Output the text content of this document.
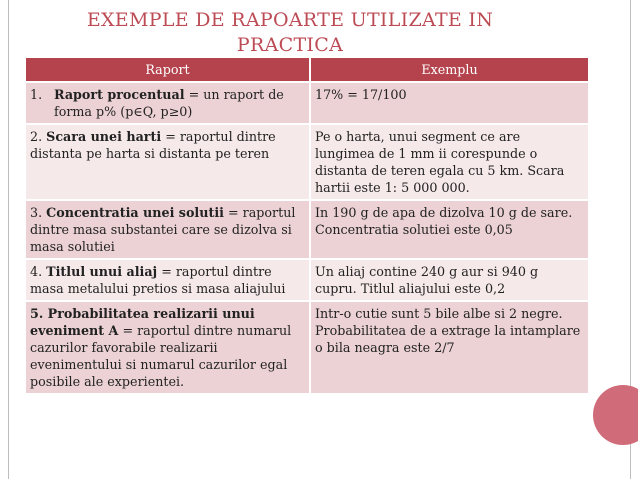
EXEMPLE DE RAPOARTE UTILIZATE IN
PRACTICA
Raport	Exemplu

1. Raport procentual = un raport de forma p% (p∈Q, p≥0)	17% = 17/100
2. Scara unei harti = raportul dintre distanta pe harta si distanta pe teren	Pe o harta, unui segment ce are lungimea de 1 mm ii corespunde o distanta de teren egala cu 5 km. Scara hartii este 1: 5 000 000.
3. Concentratia unei solutii = raportul dintre masa substantei care se dizolva si masa solutiei	In 190 g de apa de dizolva 10 g de sare. Concentratia solutiei este 0,05
4. Titlul unui aliaj = raportul dintre masa metalului pretios si masa aliajului	Un aliaj contine 240 g aur si 940 g cupru. Titlul aliajului este 0,2
5. Probabilitatea realizarii unui eveniment A = raportul dintre numarul cazurilor favorabile realizarii evenimentului si numarul cazurilor egal posibile ale experientei.	Intr-o cutie sunt 5 bile albe si 2 negre. Probabilitatea de a extrage la intamplare o bila neagra este 2/7
